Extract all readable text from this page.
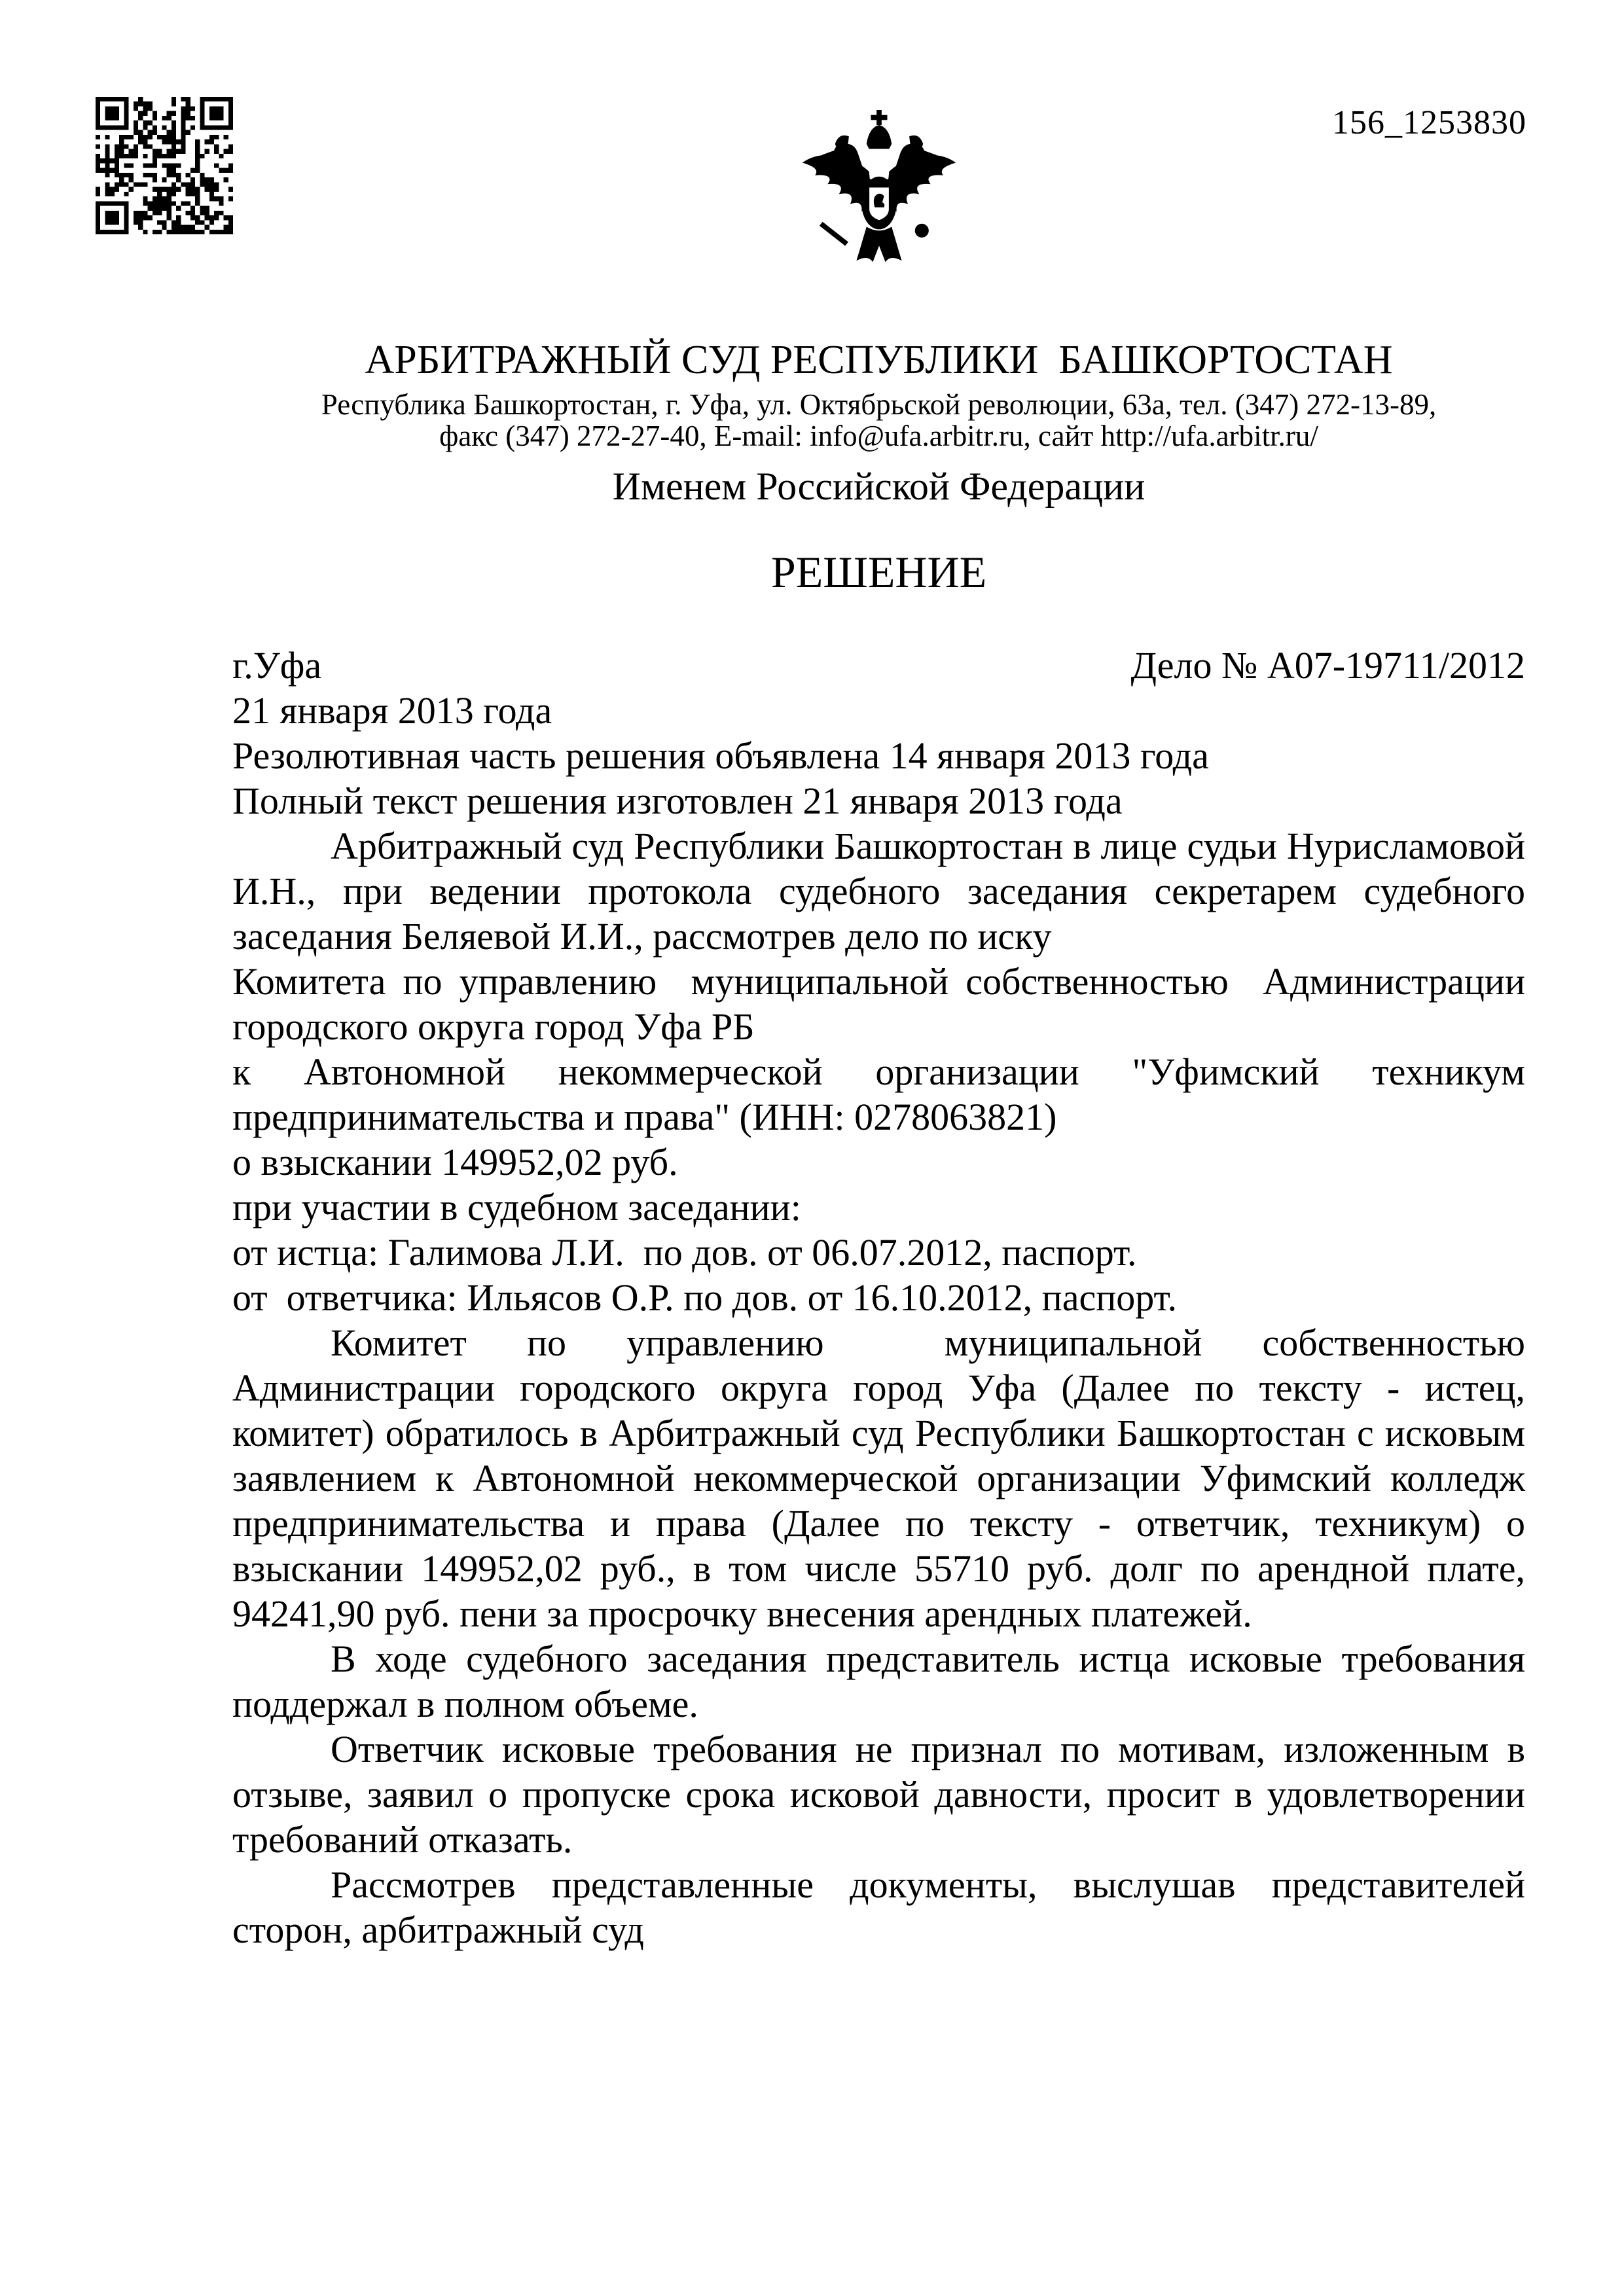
156_1253830
АРБИТРАЖНЫЙ СУД РЕСПУБЛИКИ  БАШКОРТОСТАН
Республика Башкортостан, г. Уфа, ул. Октябрьской революции, 63а, тел. (347) 272-13-89,
факс (347) 272-27-40, E-mail: info@ufa.arbitr.ru, сайт http://ufa.arbitr.ru/
Именем Российской Федерации
РЕШЕНИЕ
г.Уфа	Дело № А07-19711/2012
21 января 2013 года

Резолютивная часть решения объявлена 14 января 2013 года

Полный текст решения изготовлен 21 января 2013 года

Арбитражный суд Республики Башкортостан в лице судьи Нурисламовой И.Н., при ведении протокола судебного заседания секретарем судебного заседания Беляевой И.И., рассмотрев дело по иску

Комитета по управлению  муниципальной собственностью  Администрации городского округа город Уфа РБ

к Автономной некоммерческой организации "Уфимский техникум предпринимательства и права" (ИНН: 0278063821)

о взыскании 149952,02 руб.

при участии в судебном заседании:

от истца: Галимова Л.И.  по дов. от 06.07.2012, паспорт.

от  ответчика: Ильясов О.Р. по дов. от 16.10.2012, паспорт.

Комитет по управлению  муниципальной собственностью Администрации городского округа город Уфа (Далее по тексту - истец, комитет) обратилось в Арбитражный суд Республики Башкортостан с исковым заявлением к Автономной некоммерческой организации Уфимский колледж предпринимательства и права (Далее по тексту - ответчик, техникум) о взыскании 149952,02 руб., в том числе 55710 руб. долг по арендной плате, 94241,90 руб. пени за просрочку внесения арендных платежей.

В ходе судебного заседания представитель истца исковые требования поддержал в полном объеме.

Ответчик исковые требования не признал по мотивам, изложенным в отзыве, заявил о пропуске срока исковой давности, просит в удовлетворении требований отказать.

Рассмотрев представленные документы, выслушав представителей сторон, арбитражный суд
